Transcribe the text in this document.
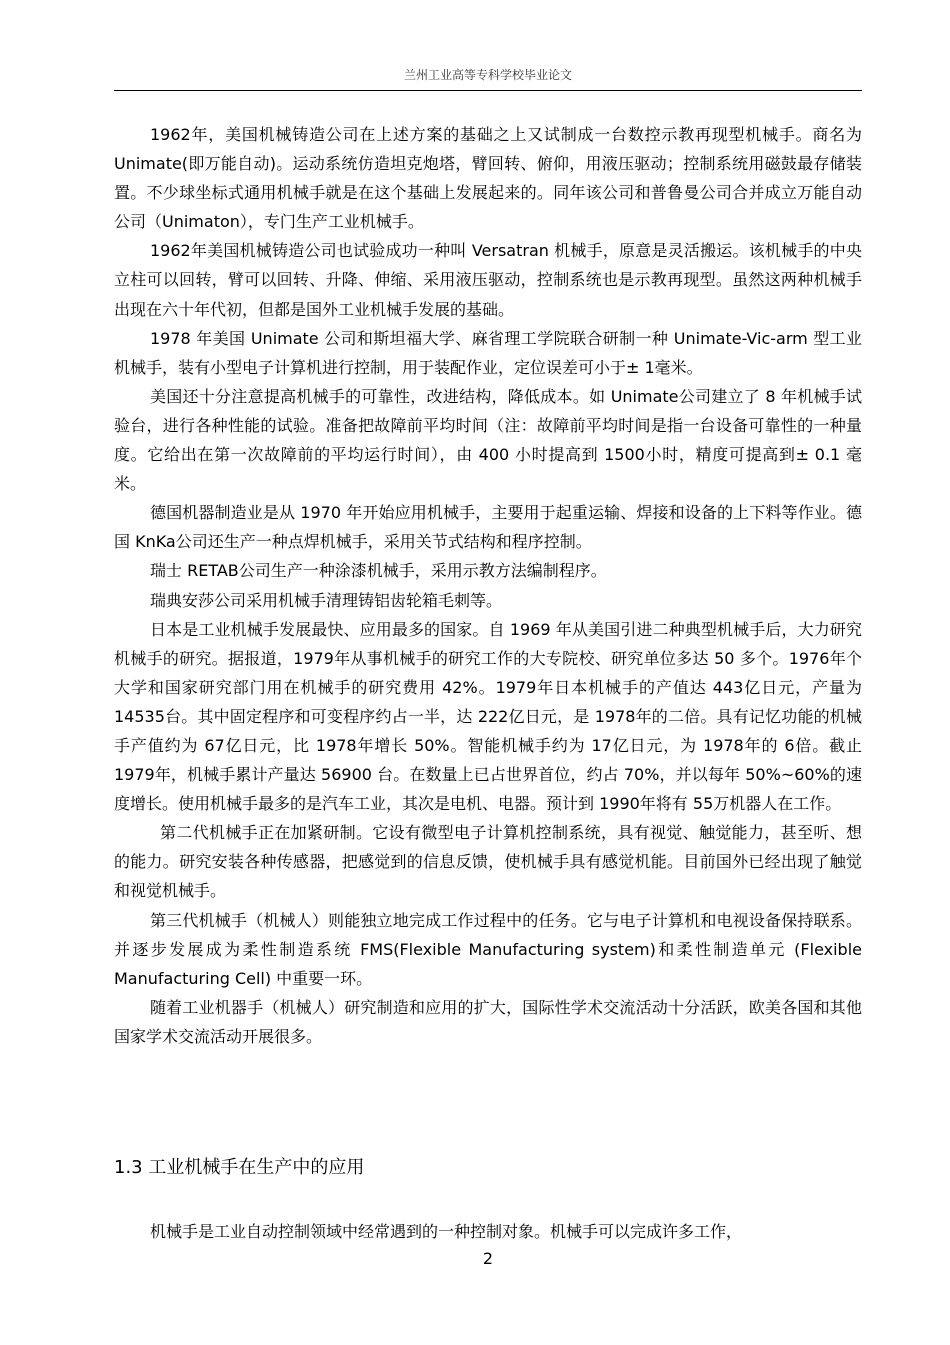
兰州工业高等专科学校毕业论文

1962年，美国机械铸造公司在上述方案的基础之上又试制成一台数控示教再现型机械手。商名为 Unimate(即万能自动)。运动系统仿造坦克炮塔，臂回转、俯仰，用液压驱动；控制系统用磁鼓最存储装置。不少球坐标式通用机械手就是在这个基础上发展起来的。同年该公司和普鲁曼公司合并成立万能自动公司（Unimaton），专门生产工业机械手。

1962年美国机械铸造公司也试验成功一种叫 Versatran 机械手，原意是灵活搬运。该机械手的中央立柱可以回转，臂可以回转、升降、伸缩、采用液压驱动，控制系统也是示教再现型。虽然这两种机械手出现在六十年代初，但都是国外工业机械手发展的基础。

1978 年美国 Unimate 公司和斯坦福大学、麻省理工学院联合研制一种 Unimate-Vic-arm 型工业机械手，装有小型电子计算机进行控制，用于装配作业，定位误差可小于± 1毫米。

美国还十分注意提高机械手的可靠性，改进结构，降低成本。如 Unimate公司建立了 8 年机械手试验台，进行各种性能的试验。准备把故障前平均时间（注：故障前平均时间是指一台设备可靠性的一种量度。它给出在第一次故障前的平均运行时间），由 400 小时提高到 1500小时，精度可提高到± 0.1 毫米。

德国机器制造业是从 1970 年开始应用机械手，主要用于起重运输、焊接和设备的上下料等作业。德国 KnKa公司还生产一种点焊机械手，采用关节式结构和程序控制。

瑞士 RETAB公司生产一种涂漆机械手，采用示教方法编制程序。

瑞典安莎公司采用机械手清理铸铝齿轮箱毛刺等。

日本是工业机械手发展最快、应用最多的国家。自 1969 年从美国引进二种典型机械手后，大力研究机械手的研究。据报道，1979年从事机械手的研究工作的大专院校、研究单位多达 50 多个。1976年个大学和国家研究部门用在机械手的研究费用 42%。1979年日本机械手的产值达 443亿日元，产量为 14535台。其中固定程序和可变程序约占一半，达 222亿日元，是 1978年的二倍。具有记忆功能的机械手产值约为 67亿日元，比 1978年增长 50%。智能机械手约为 17亿日元，为 1978年的 6倍。截止 1979年，机械手累计产量达 56900 台。在数量上已占世界首位，约占 70%，并以每年 50%~60%的速度增长。使用机械手最多的是汽车工业，其次是电机、电器。预计到 1990年将有 55万机器人在工作。

第二代机械手正在加紧研制。它设有微型电子计算机控制系统，具有视觉、触觉能力，甚至听、想的能力。研究安装各种传感器，把感觉到的信息反馈，使机械手具有感觉机能。目前国外已经出现了触觉和视觉机械手。

第三代机械手（机械人）则能独立地完成工作过程中的任务。它与电子计算机和电视设备保持联系。并逐步发展成为柔性制造系统 FMS(Flexible Manufacturing system)和柔性制造单元 (Flexible Manufacturing Cell) 中重要一环。

随着工业机器手（机械人）研究制造和应用的扩大，国际性学术交流活动十分活跃，欧美各国和其他国家学术交流活动开展很多。

1.3 工业机械手在生产中的应用

机械手是工业自动控制领域中经常遇到的一种控制对象。机械手可以完成许多工作，

2
